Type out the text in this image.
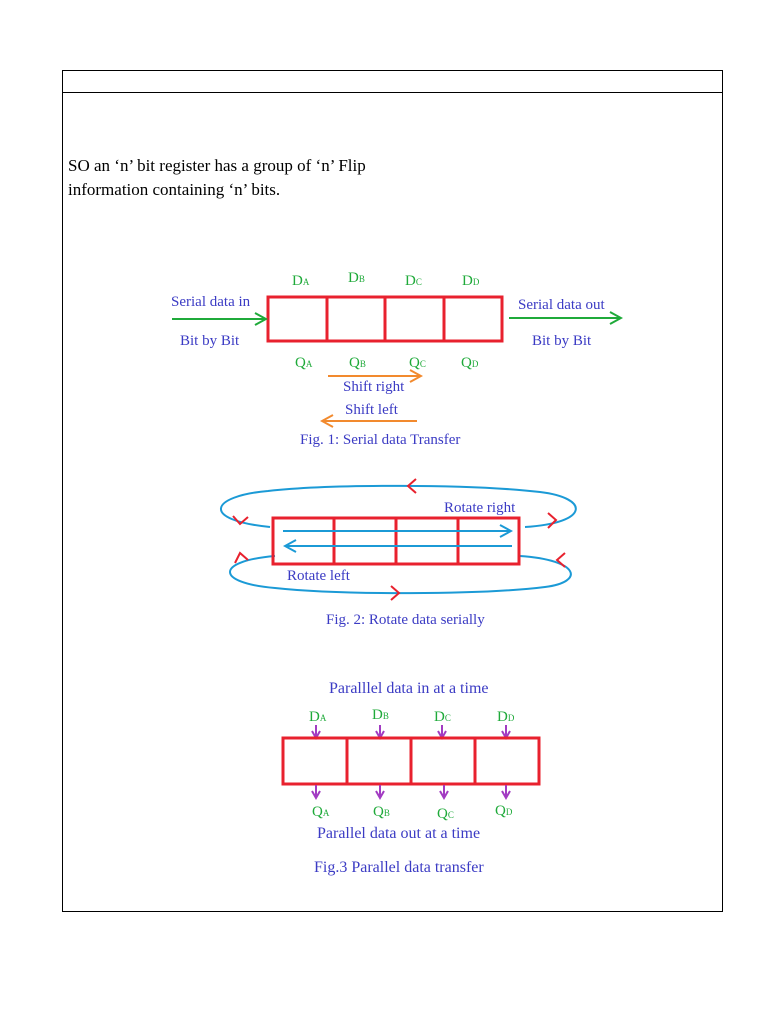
SO an ‘n’ bit register has a group of ‘n’ Flip
information containing ‘n’ bits.
DA	DB	DC	DD
QA QB	QC QD
Serial data in
Bit by Bit
Serial data out
Bit by Bit
Shift right
Shift left
Fig. 1: Serial data Transfer
Rotate right
Rotate left
Fig. 2: Rotate data serially
Paralllel data in at a time
DA	DB	DC	DD
QA	QB	QC	QD
Parallel data out at a time
Fig.3 Parallel data transfer
